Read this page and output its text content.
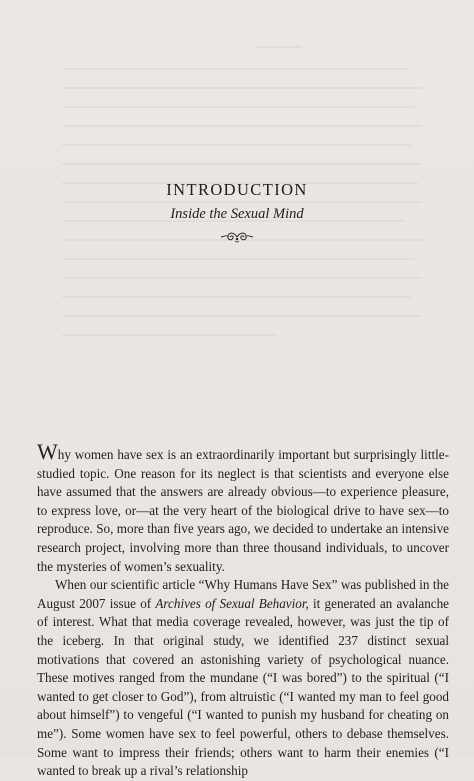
INTRODUCTION

Inside the Sexual Mind

Why women have sex is an extraordinarily important but surprisingly little-studied topic. One reason for its neglect is that scientists and everyone else have assumed that the answers are already obvious—to experience pleasure, to express love, or—at the very heart of the biological drive to have sex—to reproduce. So, more than five years ago, we decided to undertake an intensive research project, involving more than three thousand individuals, to uncover the mysteries of women’s sexuality.

When our scientific article “Why Humans Have Sex” was published in the August 2007 issue of Archives of Sexual Behavior, it generated an avalanche of interest. What that media coverage revealed, however, was just the tip of the iceberg. In that original study, we identified 237 distinct sexual motivations that covered an astonishing variety of psychological nuance. These motives ranged from the mundane (“I was bored”) to the spiritual (“I wanted to get closer to God”), from altruistic (“I wanted my man to feel good about himself”) to vengeful (“I wanted to punish my husband for cheating on me”). Some women have sex to feel powerful, others to debase themselves. Some want to impress their friends; others want to harm their enemies (“I wanted to break up a rival’s relationship
